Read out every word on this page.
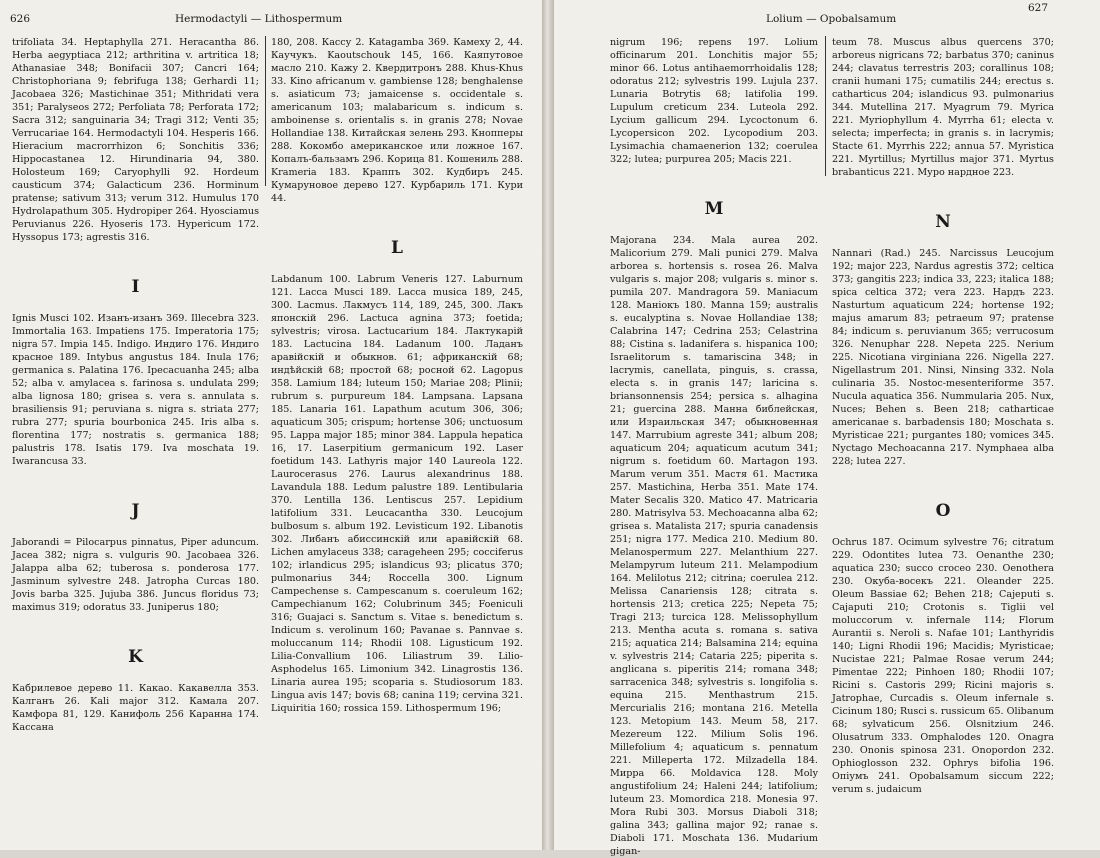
626	Hermodactyli — Lithospermum

trifoliata 34. Heptaphylla 271. Heracantha 86. Herba aegyptiaca 212; arthritina v. artritica 18; Athanasiae 348; Bonifacii 307; Cancri 164; Christophoriana 9; febrifuga 138; Gerhardi 11; Jacobaea 326; Mastichinae 351; Mithridati vera 351; Paralyseos 272; Perfoliata 78; Perforata 172; Sacra 312; sanguinaria 34; Tragi 312; Venti 35; Verrucariae 164. Hermodactyli 104. Hesperis 166. Hieracium macrorrhizon 6; Sonchitis 336; Hippocastanea 12. Hirundinaria 94, 380. Holosteum 169; Caryophylli 92. Hordeum causticum 374; Galacticum 236. Horminum pratense; sativum 313; verum 312. Humulus 170 Hydrolapathum 305. Hydropiper 264. Hyosciamus Peruvianus 226. Hyoseris 173. Hypericum 172. Hyssopus 173; agrestis 316.

I

Ignis Musci 102. Изанъ-изанъ 369. Illecebra 323. Immortalia 163. Impatiens 175. Imperatoria 175; nigra 57. Impia 145. Indigo. Индиго 176. Индиго красное 189. Intybus angustus 184. Inula 176; germanica s. Palatina 176. Ipecacuanha 245; alba 52; alba v. amylacea s. farinosa s. undulata 299; alba lignosa 180; grisea s. vera s. annulata s. brasiliensis 91; peruviana s. nigra s. striata 277; rubra 277; spuria bourbonica 245. Iris alba s. florentina 177; nostratis s. germanica 188; palustris 178. Isatis 179. Iva moschata 19. Iwarancusa 33.

J

Jaborandi = Pilocarpus pinnatus, Piper aduncum. Jacea 382; nigra s. vulguris 90. Jacobaea 326. Jalappa alba 62; tuberosa s. ponderosa 177. Jasminum sylvestre 248. Jatropha Curcas 180. Jovis barba 325. Jujuba 386. Juncus floridus 73; maximus 319; odoratus 33. Juniperus 180;

K

Кабрилевое дерево 11. Какао. Какавелла 353. Калганъ 26. Kali major 312. Камала 207. Камфора 81, 129. Канифоль 256 Каранна 174. Кассана

180, 208. Кассу 2. Katagamba 369. Камеху 2, 44. Кaучукъ. Kaoutschouk 145, 166. Каяпутовое масло 210. Кажу 2. Квердитронъ 288. Khus-Khus 33. Kino africanum v. gambiense 128; benghalense s. asiaticum 73; jamaicense s. occidentale s. americanum 103; malabaricum s. indicum s. amboinense s. orientalis s. in granis 278; Novae Hollandiae 138. Китайская зелень 293. Кнопперы 288. Кокомбо американское или ложное 167. Копалъ-бальзамъ 296. Корица 81. Кошениль 288. Krameria 183. Краппъ 302. Кудбиръ 245. Кумаруновое дерево 127. Курбариль 171. Кури 44.

L

Labdanum 100. Labrum Veneris 127. Laburnum 121. Lacca Musci 189. Lacca musica 189, 245, 300. Lacmus. Лакмусъ 114, 189, 245, 300. Лакъ японскій 296. Lactuca agnina 373; foetida; sylvestris; virosa. Lactucarium 184. Лактукарій 183. Lactucina 184. Ladanum 100. Ладанъ аравійскій и обыкнов. 61; африканскій 68; индѣйскій 68; простой 68; росной 62. Lagopus 358. Lamium 184; luteum 150; Mariae 208; Plinii; rubrum s. purpureum 184. Lampsana. Lapsana 185. Lanaria 161. Lapathum acutum 306, 306; aquaticum 305; crispum; hortense 306; unctuosum 95. Lappa major 185; minor 384. Lappula hepatica 16, 17. Laserpitium germanicum 192. Laser foetidum 143. Lathyris major 140 Laureola 122. Laurocerasus 276. Laurus alexandrinus 188. Lavandula 188. Ledum palustre 189. Lentibularia 370. Lentilla 136. Lentiscus 257. Lepidium latifolium 331. Leucacantha 330. Leucojum bulbosum s. album 192. Levisticum 192. Libanotis 302. Либанъ абиссинскій или аравійскій 68. Lichen amylaceus 338; carageheen 295; cocciferus 102; irlandicus 295; islandicus 93; plicatus 370; pulmonarius 344; Roccella 300. Lignum Campechense s. Campescanum s. coeruleum 162; Campechianum 162; Colubrinum 345; Foeniculi 316; Guajaci s. Sanctum s. Vitae s. benedictum s. Indicum s. verolinum 160; Pavanae s. Pannvae s. moluccanum 114; Rhodii 108. Ligusticum 192. Lilia-Convallium 106. Liliastrum 39. Lilio-Asphodelus 165. Limonium 342. Linagrostis 136. Linaria aurea 195; scoparia s. Studiosorum 183. Lingua avis 147; bovis 68; canina 119; cervina 321. Liquiritia 160; rossica 159. Lithospermum 196;

Lolium — Opobalsamum
627

nigrum 196; repens 197. Lolium officinarum 201. Lonchitis major 55; minor 66. Lotus antihaemorrhoidalis 128; odoratus 212; sylvestris 199. Lujula 237. Lunaria Botrytis 68; latifolia 199. Lupulum creticum 234. Luteola 292. Lycium gallicum 294. Lycoctonum 6. Lycopersicon 202. Lycopodium 203. Lysimachia chamaenerion 132; coerulea 322; lutea; purpurea 205; Macis 221.

M

Majorana 234. Mala aurea 202. Malicorium 279. Mali punici 279. Malva arborea s. hortensis s. rosea 26. Malva vulgaris s. major 208; vulgaris s. minor s. pumila 207. Mandragora 59. Maniacum 128. Маніокъ 180. Manna 159; australis s. eucalyptina s. Novae Hollandiae 138; Calabrina 147; Cedrina 253; Celastrina 88; Cistina s. ladanifera s. hispanica 100; Israelitorum s. tamariscina 348; in lacrymis, canellata, pinguis, s. crassa, electa s. in granis 147; laricina s. briansonnensis 254; persica s. alhagina 21; guercina 288. Манна библейская, или Израильская 347; обыкновенная 147. Marrubium agreste 341; album 208; aquaticum 204; aquaticum acutum 341; nigrum s. foetidum 60. Martagon 193. Marum verum 351. Мастя 61. Мастика 257. Mastichina, Herba 351. Mate 174. Mater Secalis 320. Matico 47. Matricaria 280. Matrisylva 53. Mechoacanna alba 62; grisea s. Matalista 217; spuria canadensis 251; nigra 177. Medica 210. Medium 80. Melanospermum 227. Melanthium 227. Melampyrum luteum 211. Melampodium 164. Melilotus 212; citrina; coerulea 212. Melissa Canariensis 128; citrata s. hortensis 213; cretica 225; Nepeta 75; Tragi 213; turcica 128. Melissophyllum 213. Mentha acuta s. romana s. sativa 215; aquatica 214; Balsamina 214; equina v. sylvestris 214; Cataria 225; piperita s. anglicana s. piperitis 214; romana 348; sarracenica 348; sylvestris s. longifolia s. equina 215. Menthastrum 215. Mercurialis 216; montana 216. Metella 123. Metopium 143. Meum 58, 217. Mezereum 122. Milium Solis 196. Millefolium 4; aquaticum s. pennatum 221. Milleperta 172. Milzadella 184. Мирра 66. Moldavica 128. Moly angustifolium 24; Haleni 244; latifolium; luteum 23. Momordica 218. Monesia 97. Mora Rubi 303. Morsus Diaboli 318; galina 343; gallina major 92; ranae s. Diaboli 171. Moschata 136. Mudarium gigan-

teum 78. Muscus albus quercens 370; arboreus nigricans 72; barbatus 370; caninus 244; clavatus terrestris 203; corallinus 108; cranii humani 175; cumatilis 244; erectus s. catharticus 204; islandicus 93. pulmonarius 344. Mutellina 217. Myagrum 79. Myrica 221. Myriophyllum 4. Myrrha 61; electa v. selecta; imperfecta; in granis s. in lacrymis; Stacte 61. Myrrhis 222; annua 57. Myristica 221. Myrtillus; Myrtillus major 371. Myrtus brabanticus 221. Мурo нардное 223.

N

Nannari (Rad.) 245. Narcissus Leucojum 192; major 223, Nardus agrestis 372; celtica 373; gangitis 223; indica 33, 223; italica 188; spica celtica 372; vera 223. Нардъ 223. Nasturtum aquaticum 224; hortense 192; majus amarum 83; petraeum 97; pratense 84; indicum s. peruvianum 365; verrucosum 326. Nenuphar 228. Nepeta 225. Nerium 225. Nicotiana virginiana 226. Nigella 227. Nigellastrum 201. Ninsi, Ninsing 332. Nola culinaria 35. Nostoc-mesenteriforme 357. Nucula aquatica 356. Nummularia 205. Nux, Nuces; Behen s. Been 218; catharticae americanae s. barbadensis 180; Moschata s. Myristicae 221; purgantes 180; vomices 345. Nyctago Mechoacanna 217. Nymphaea alba 228; lutea 227.

O

Ochrus 187. Ocimum sylvestre 76; citratum 229. Odontites lutea 73. Oenanthe 230; aquatica 230; succo croceo 230. Oenothera 230. Окуба-восекъ 221. Oleander 225. Oleum Bassiae 62; Behen 218; Cajeputi s. Cajaputi 210; Crotonis s. Tiglii vel moluccorum v. infernale 114; Florum Aurantii s. Neroli s. Nafae 101; Lanthyridis 140; Ligni Rhodii 196; Macidis; Myristicae; Nucistae 221; Palmae Rosae verum 244; Pimentae 222; Pinhoen 180; Rhodii 107; Ricini s. Castoris 299; Ricini majoris s. Jatrophae, Curcadis s. Oleum infernale s. Cicinum 180; Rusci s. russicum 65. Olibanum 68; sylvaticum 256. Olsnitzium 246. Olusatrum 333. Omphalodes 120. Onagra 230. Ononis spinosa 231. Onopordon 232. Ophioglosson 232. Ophrys bifolia 196. Опіумъ 241. Opobalsamum siccum 222; verum s. judaicum
